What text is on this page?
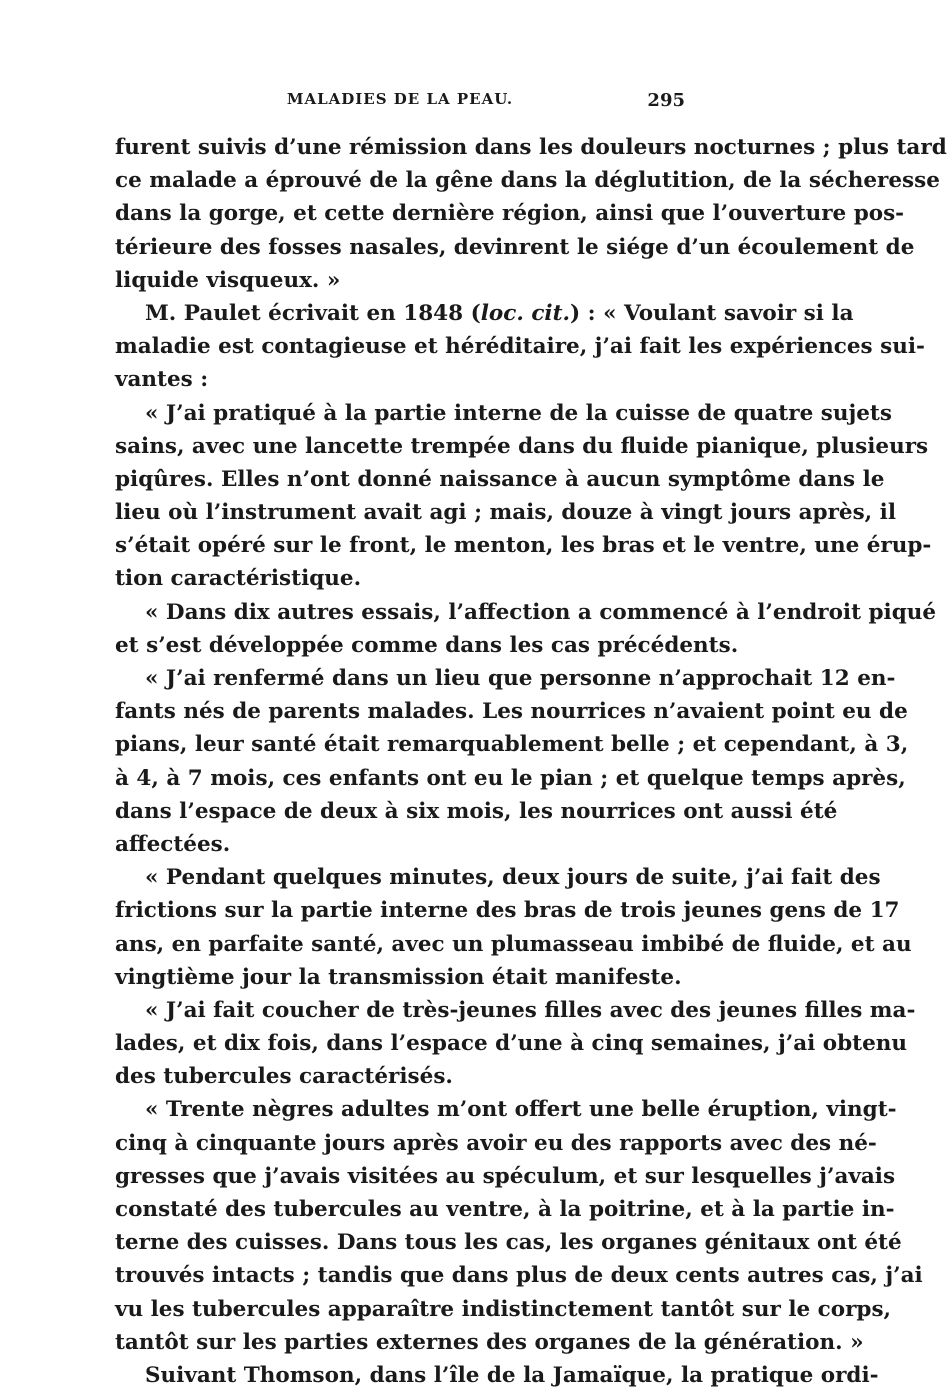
MALADIES DE LA PEAU.	295
furent suivis d’une rémission dans les douleurs nocturnes ; plus tard
ce malade a éprouvé de la gêne dans la déglutition, de la sécheresse
dans la gorge, et cette dernière région, ainsi que l’ouverture pos-
térieure des fosses nasales, devinrent le siége d’un écoulement de
liquide visqueux. »
M. Paulet écrivait en 1848 (loc. cit.) : « Voulant savoir si la
maladie est contagieuse et héréditaire, j’ai fait les expériences sui-
vantes :
« J’ai pratiqué à la partie interne de la cuisse de quatre sujets
sains, avec une lancette trempée dans du fluide pianique, plusieurs
piqûres. Elles n’ont donné naissance à aucun symptôme dans le
lieu où l’instrument avait agi ; mais, douze à vingt jours après, il
s’était opéré sur le front, le menton, les bras et le ventre, une érup-
tion caractéristique.
« Dans dix autres essais, l’affection a commencé à l’endroit piqué
et s’est développée comme dans les cas précédents.
« J’ai renfermé dans un lieu que personne n’approchait 12 en-
fants nés de parents malades. Les nourrices n’avaient point eu de
pians, leur santé était remarquablement belle ; et cependant, à 3,
à 4, à 7 mois, ces enfants ont eu le pian ; et quelque temps après,
dans l’espace de deux à six mois, les nourrices ont aussi été
affectées.
« Pendant quelques minutes, deux jours de suite, j’ai fait des
frictions sur la partie interne des bras de trois jeunes gens de 17
ans, en parfaite santé, avec un plumasseau imbibé de fluide, et au
vingtième jour la transmission était manifeste.
« J’ai fait coucher de très-jeunes filles avec des jeunes filles ma-
lades, et dix fois, dans l’espace d’une à cinq semaines, j’ai obtenu
des tubercules caractérisés.
« Trente nègres adultes m’ont offert une belle éruption, vingt-
cinq à cinquante jours après avoir eu des rapports avec des né-
gresses que j’avais visitées au spéculum, et sur lesquelles j’avais
constaté des tubercules au ventre, à la poitrine, et à la partie in-
terne des cuisses. Dans tous les cas, les organes génitaux ont été
trouvés intacts ; tandis que dans plus de deux cents autres cas, j’ai
vu les tubercules apparaître indistinctement tantôt sur le corps,
tantôt sur les parties externes des organes de la génération. »
Suivant Thomson, dans l’île de la Jamaïque, la pratique ordi-
